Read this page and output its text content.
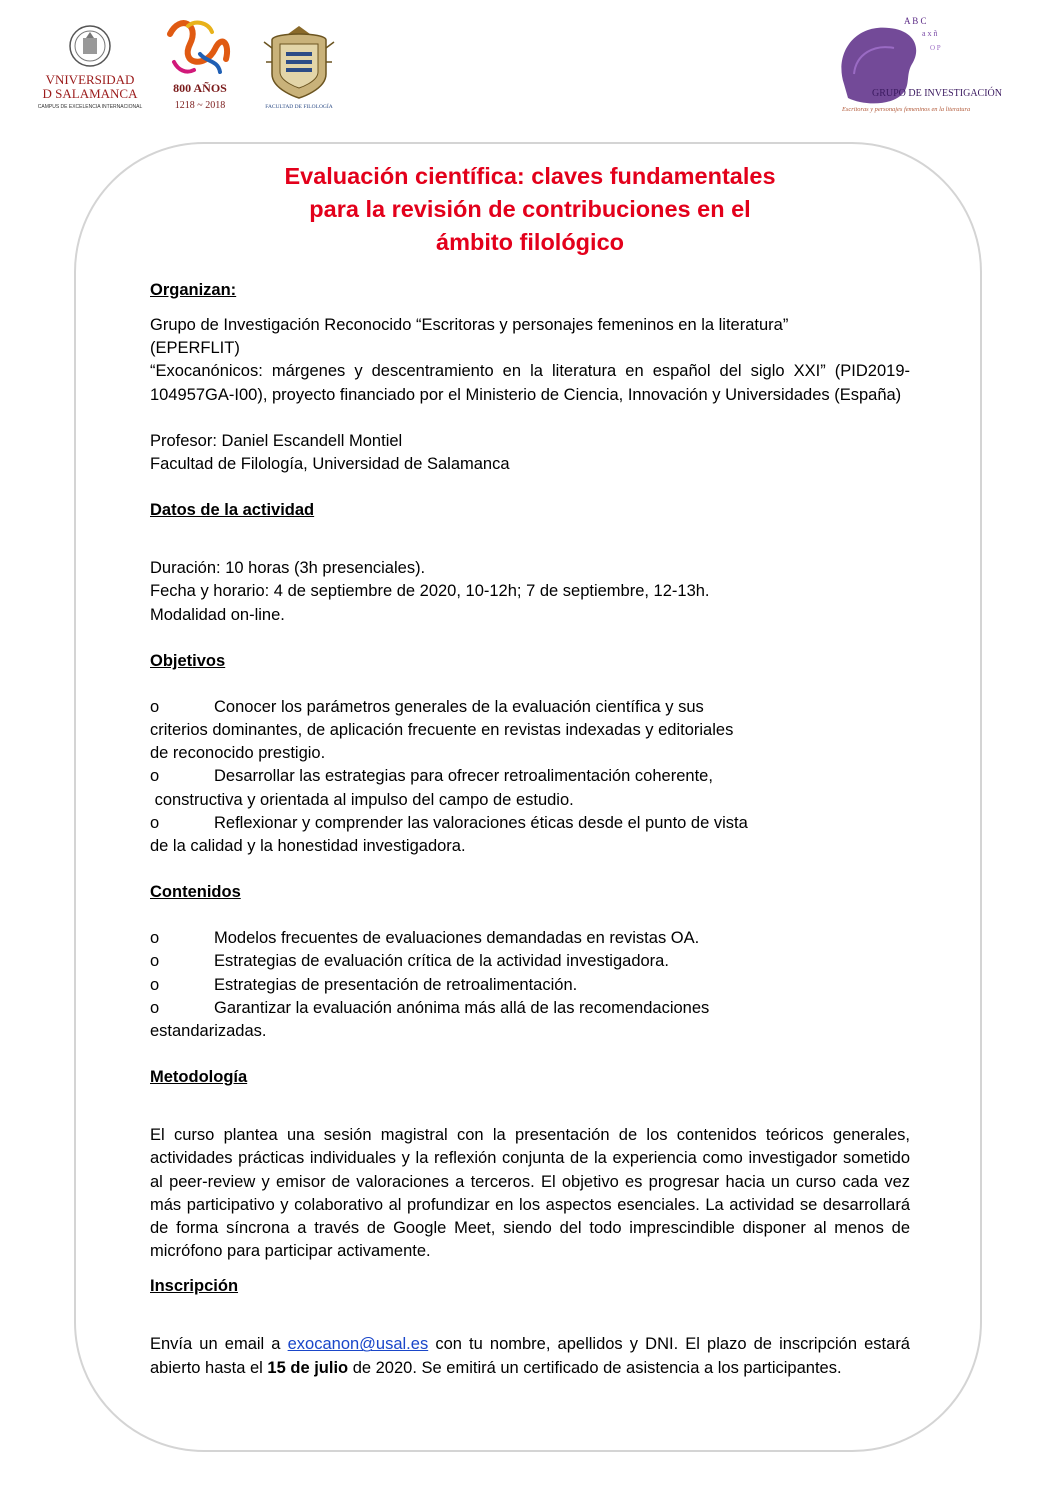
VNIVERSIDAD
D SALAMANCA
CAMPUS DE EXCELENCIA INTERNACIONAL
800 AÑOS
1218 ~ 2018	FACULTAD DE FILOLOGÍA
A B C
a x ñ
O P
GRUPO DE INVESTIGACIÓN
Escritoras y personajes femeninos en la literatura
Evaluación científica: claves fundamentales
para la revisión de contribuciones en el
ámbito filológico
Organizan:
Grupo de Investigación Reconocido “Escritoras y personajes femeninos en la literatura”
(EPERFLIT)
“Exocanónicos: márgenes y descentramiento en la literatura en español del siglo XXI” (PID2019-104957GA-I00), proyecto financiado por el Ministerio de Ciencia, Innovación y Universidades (España)
Profesor: Daniel Escandell Montiel
Facultad de Filología, Universidad de Salamanca
Datos de la actividad
Duración: 10 horas (3h presenciales).
Fecha y horario: 4 de septiembre de 2020, 10-12h; 7 de septiembre, 12-13h.
Modalidad on-line.
Objetivos
o	Conocer los parámetros generales de la evaluación científica y sus
criterios dominantes, de aplicación frecuente en revistas indexadas y editoriales
de reconocido prestigio.
o	Desarrollar las estrategias para ofrecer retroalimentación coherente,
constructiva y orientada al impulso del campo de estudio.
o	Reflexionar y comprender las valoraciones éticas desde el punto de vista
de la calidad y la honestidad investigadora.
Contenidos
o	Modelos frecuentes de evaluaciones demandadas en revistas OA.
o	Estrategias de evaluación crítica de la actividad investigadora.
o	Estrategias de presentación de retroalimentación.
o	Garantizar la evaluación anónima más allá de las recomendaciones
estandarizadas.
Metodología
El curso plantea una sesión magistral con la presentación de los contenidos teóricos generales, actividades prácticas individuales y la reflexión conjunta de la experiencia como investigador sometido al peer-review y emisor de valoraciones a terceros. El objetivo es progresar hacia un curso cada vez más participativo y colaborativo al profundizar en los aspectos esenciales. La actividad se desarrollará de forma síncrona a través de Google Meet, siendo del todo imprescindible disponer al menos de micrófono para participar activamente.
Inscripción
Envía un email a exocanon@usal.es con tu nombre, apellidos y DNI. El plazo de inscripción estará abierto hasta el 15 de julio de 2020. Se emitirá un certificado de asistencia a los participantes.
